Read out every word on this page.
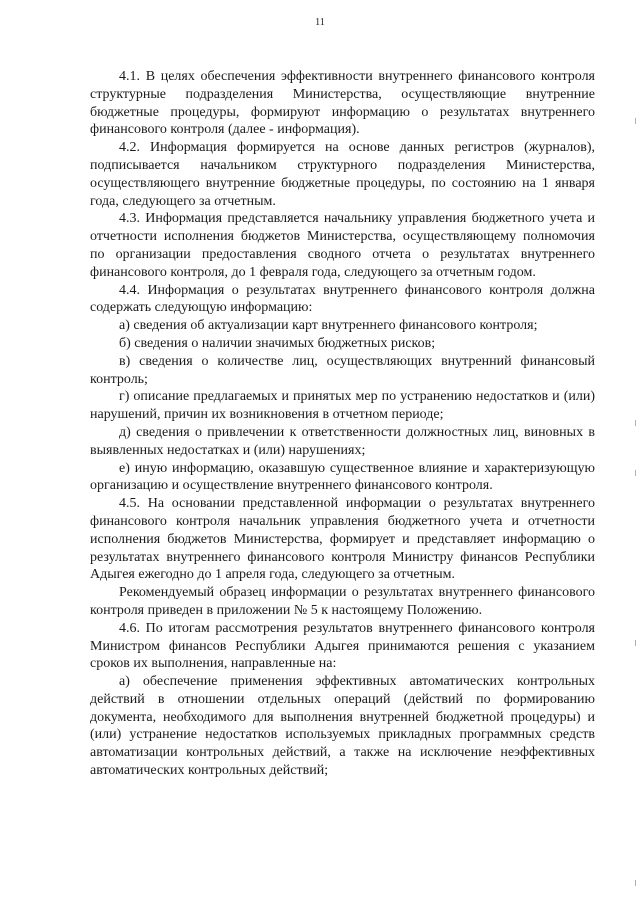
11

4.1. В целях обеспечения эффективности внутреннего финансового контроля структурные подразделения Министерства, осуществляющие внутренние бюджетные процедуры, формируют информацию о результатах внутреннего финансового контроля (далее - информация).

4.2. Информация формируется на основе данных регистров (журналов), подписывается начальником структурного подразделения Министерства, осуществляющего внутренние бюджетные процедуры, по состоянию на 1 января года, следующего за отчетным.

4.3. Информация представляется начальнику управления бюджетного учета и отчетности исполнения бюджетов Министерства, осуществляющему полномочия по организации предоставления сводного отчета о результатах внутреннего финансового контроля, до 1 февраля года, следующего за отчетным годом.

4.4. Информация о результатах внутреннего финансового контроля должна содержать следующую информацию:

а) сведения об актуализации карт внутреннего финансового контроля;

б) сведения о наличии значимых бюджетных рисков;

в) сведения о количестве лиц, осуществляющих внутренний финансовый контроль;

г) описание предлагаемых и принятых мер по устранению недостатков и (или) нарушений, причин их возникновения в отчетном периоде;

д) сведения о привлечении к ответственности должностных лиц, виновных в выявленных недостатках и (или) нарушениях;

е) иную информацию, оказавшую существенное влияние и характеризующую организацию и осуществление внутреннего финансового контроля.

4.5. На основании представленной информации о результатах внутреннего финансового контроля начальник управления бюджетного учета и отчетности исполнения бюджетов Министерства, формирует и представляет информацию о результатах внутреннего финансового контроля Министру финансов Республики Адыгея ежегодно до 1 апреля года, следующего за отчетным.

Рекомендуемый образец информации о результатах внутреннего финансового контроля приведен в приложении № 5 к настоящему Положению.

4.6. По итогам рассмотрения результатов внутреннего финансового контроля Министром финансов Республики Адыгея принимаются решения с указанием сроков их выполнения, направленные на:

а) обеспечение применения эффективных автоматических контрольных действий в отношении отдельных операций (действий по формированию документа, необходимого для выполнения внутренней бюджетной процедуры) и (или) устранение недостатков используемых прикладных программных средств автоматизации контрольных действий, а также на исключение неэффективных автоматических контрольных действий;
